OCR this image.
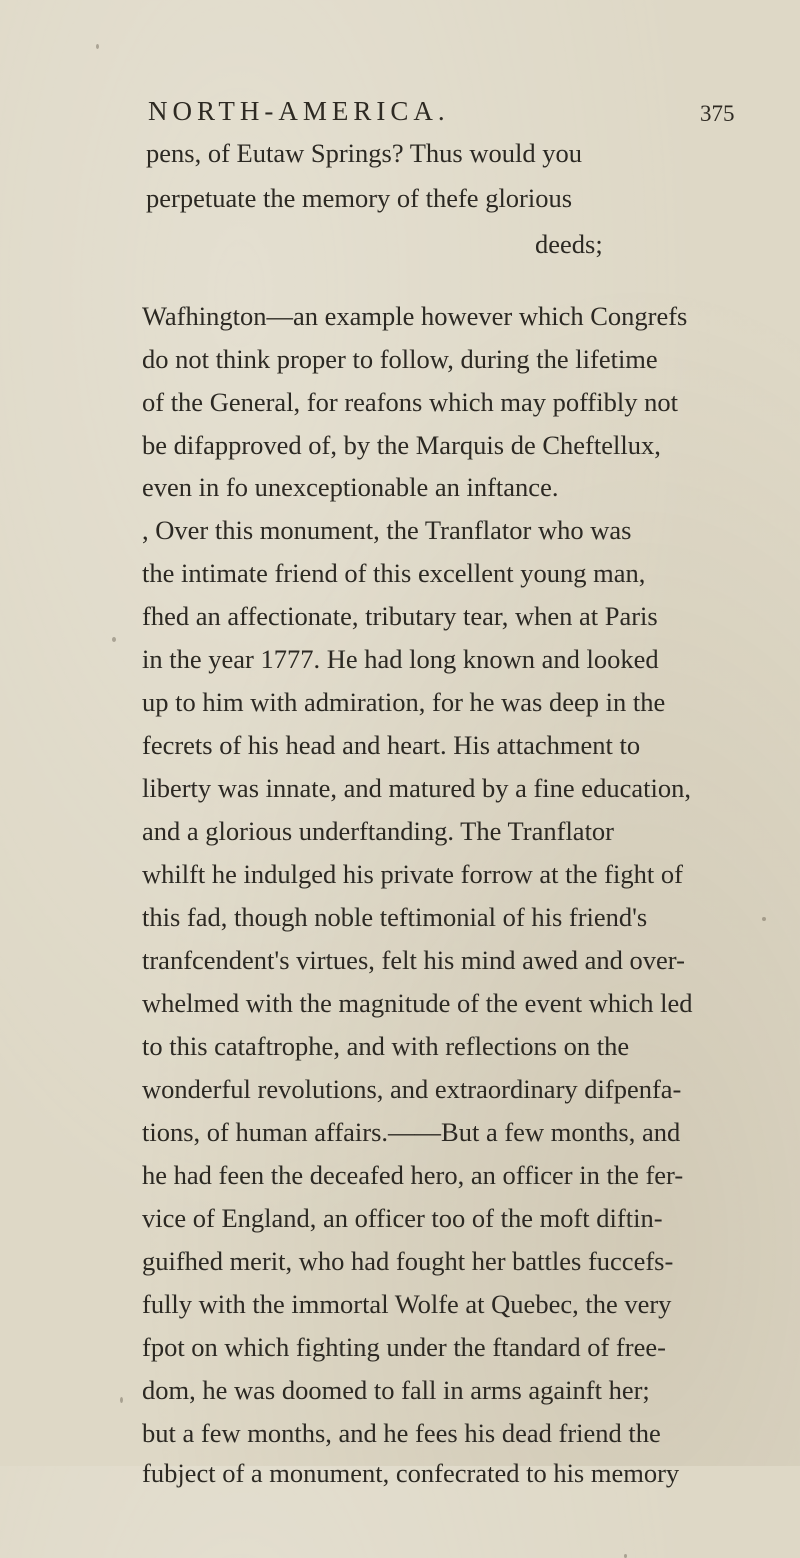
NORTH-AMERICA.	375
pens, of Eutaw Springs? Thus would you
perpetuate the memory of thefe glorious
deeds;
Wafhington—an example however which Congrefs
do not think proper to follow, during the lifetime
of the General, for reafons which may poffibly not
be difapproved of, by the Marquis de Cheftellux,
even in fo unexceptionable an inftance.
, Over this monument, the Tranflator who was
the intimate friend of this excellent young man,
fhed an affectionate, tributary tear, when at Paris
in the year 1777. He had long known and looked
up to him with admiration, for he was deep in the
fecrets of his head and heart. His attachment to
liberty was innate, and matured by a fine education,
and a glorious underftanding. The Tranflator
whilft he indulged his private forrow at the fight of
this fad, though noble teftimonial of his friend's
tranfcendent's virtues, felt his mind awed and over-
whelmed with the magnitude of the event which led
to this cataftrophe, and with reflections on the
wonderful revolutions, and extraordinary difpenfa-
tions, of human affairs.——But a few months, and
he had feen the deceafed hero, an officer in the fer-
vice of England, an officer too of the moft diftin-
guifhed merit, who had fought her battles fuccefs-
fully with the immortal Wolfe at Quebec, the very
fpot on which fighting under the ftandard of free-
dom, he was doomed to fall in arms againft her;
but a few months, and he fees his dead friend the
fubject of a monument, confecrated to his memory
